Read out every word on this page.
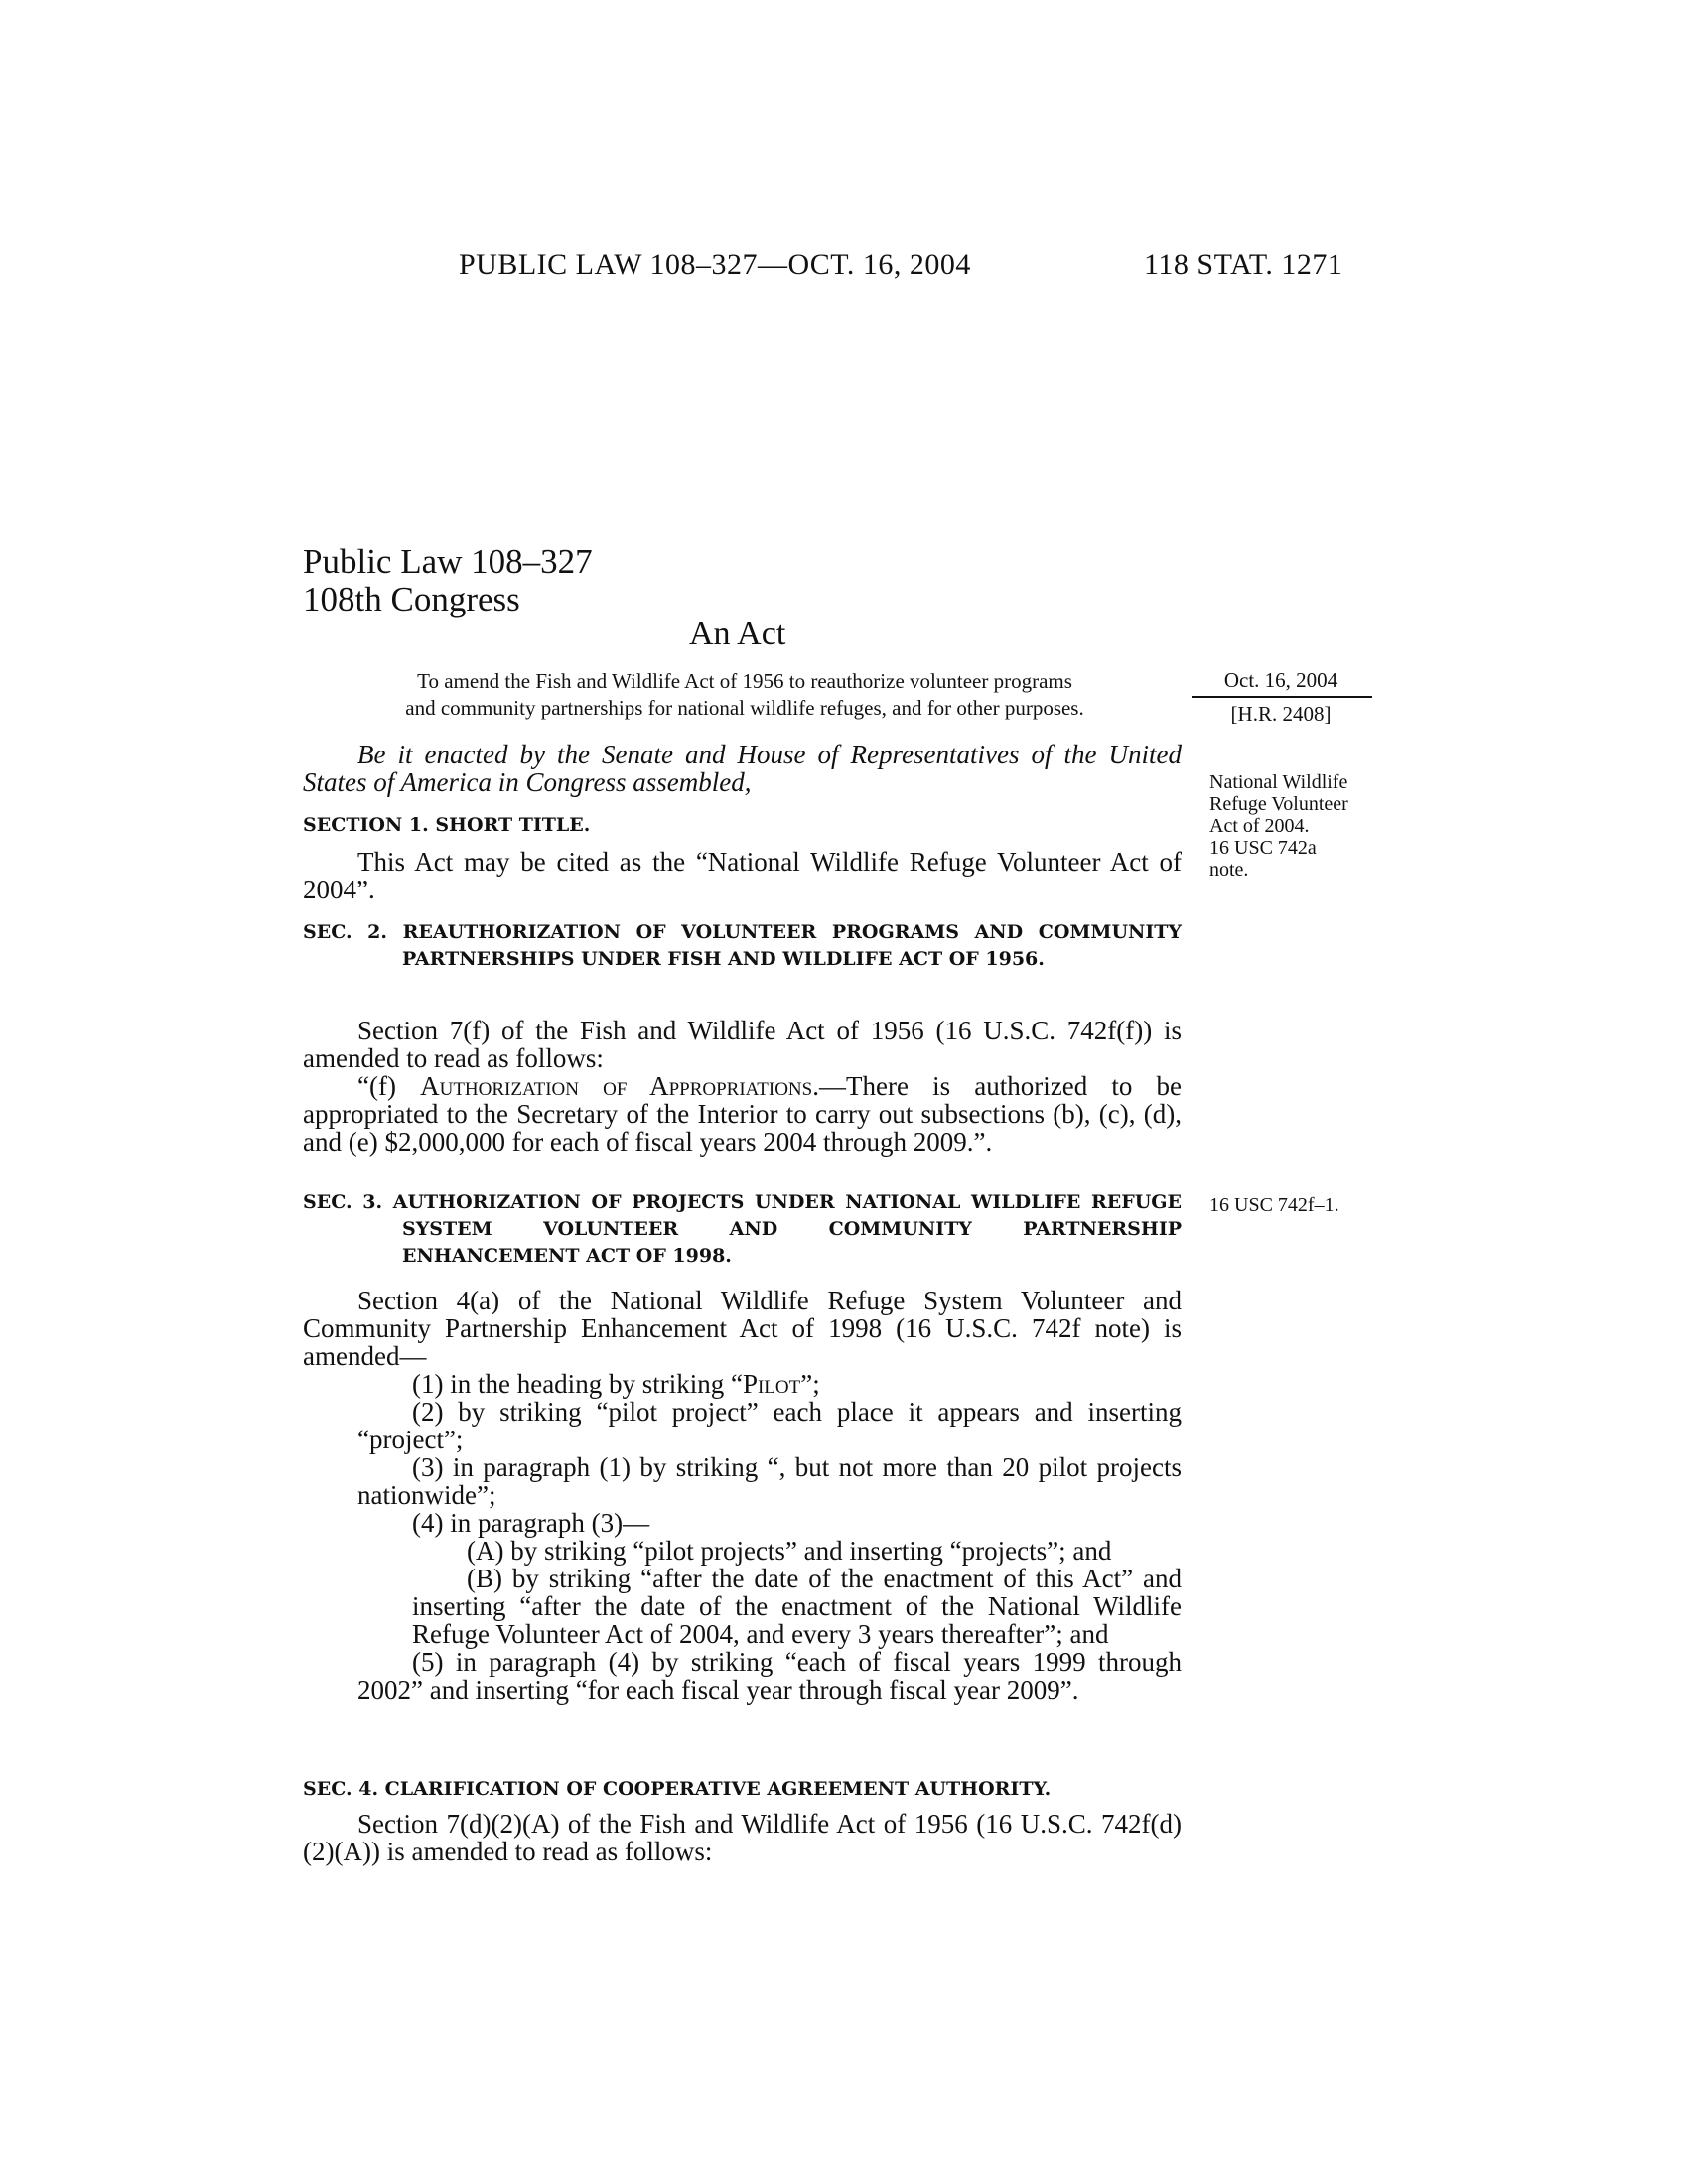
PUBLIC LAW 108–327—OCT. 16, 2004	118 STAT. 1271
Public Law 108–327
108th Congress
An Act
To amend the Fish and Wildlife Act of 1956 to reauthorize volunteer programs
and community partnerships for national wildlife refuges, and for other purposes.
Oct. 16, 2004
[H.R. 2408]
National Wildlife
Refuge Volunteer
Act of 2004.
16 USC 742a
note.
16 USC 742f–1.

Be it enacted by the Senate and House of Representatives of the United States of America in Congress assembled,

SECTION 1. SHORT TITLE.

This Act may be cited as the “National Wildlife Refuge Volunteer Act of 2004”.

SEC. 2. REAUTHORIZATION OF VOLUNTEER PROGRAMS AND COMMUNITY PARTNERSHIPS UNDER FISH AND WILDLIFE ACT OF 1956.

Section 7(f) of the Fish and Wildlife Act of 1956 (16 U.S.C. 742f(f)) is amended to read as follows:

“(f) Authorization of Appropriations.—There is authorized to be appropriated to the Secretary of the Interior to carry out subsections (b), (c), (d), and (e) $2,000,000 for each of fiscal years 2004 through 2009.”.

SEC. 3. AUTHORIZATION OF PROJECTS UNDER NATIONAL WILDLIFE REFUGE SYSTEM VOLUNTEER AND COMMUNITY PARTNERSHIP ENHANCEMENT ACT OF 1998.

Section 4(a) of the National Wildlife Refuge System Volunteer and Community Partnership Enhancement Act of 1998 (16 U.S.C. 742f note) is amended—

(1) in the heading by striking “Pilot”;

(2) by striking “pilot project” each place it appears and inserting “project”;

(3) in paragraph (1) by striking “, but not more than 20 pilot projects nationwide”;

(4) in paragraph (3)—

(A) by striking “pilot projects” and inserting “projects”; and

(B) by striking “after the date of the enactment of this Act” and inserting “after the date of the enactment of the National Wildlife Refuge Volunteer Act of 2004, and every 3 years thereafter”; and

(5) in paragraph (4) by striking “each of fiscal years 1999 through 2002” and inserting “for each fiscal year through fiscal year 2009”.

SEC. 4. CLARIFICATION OF COOPERATIVE AGREEMENT AUTHORITY.

Section 7(d)(2)(A) of the Fish and Wildlife Act of 1956 (16 U.S.C. 742f(d)(2)(A)) is amended to read as follows:
